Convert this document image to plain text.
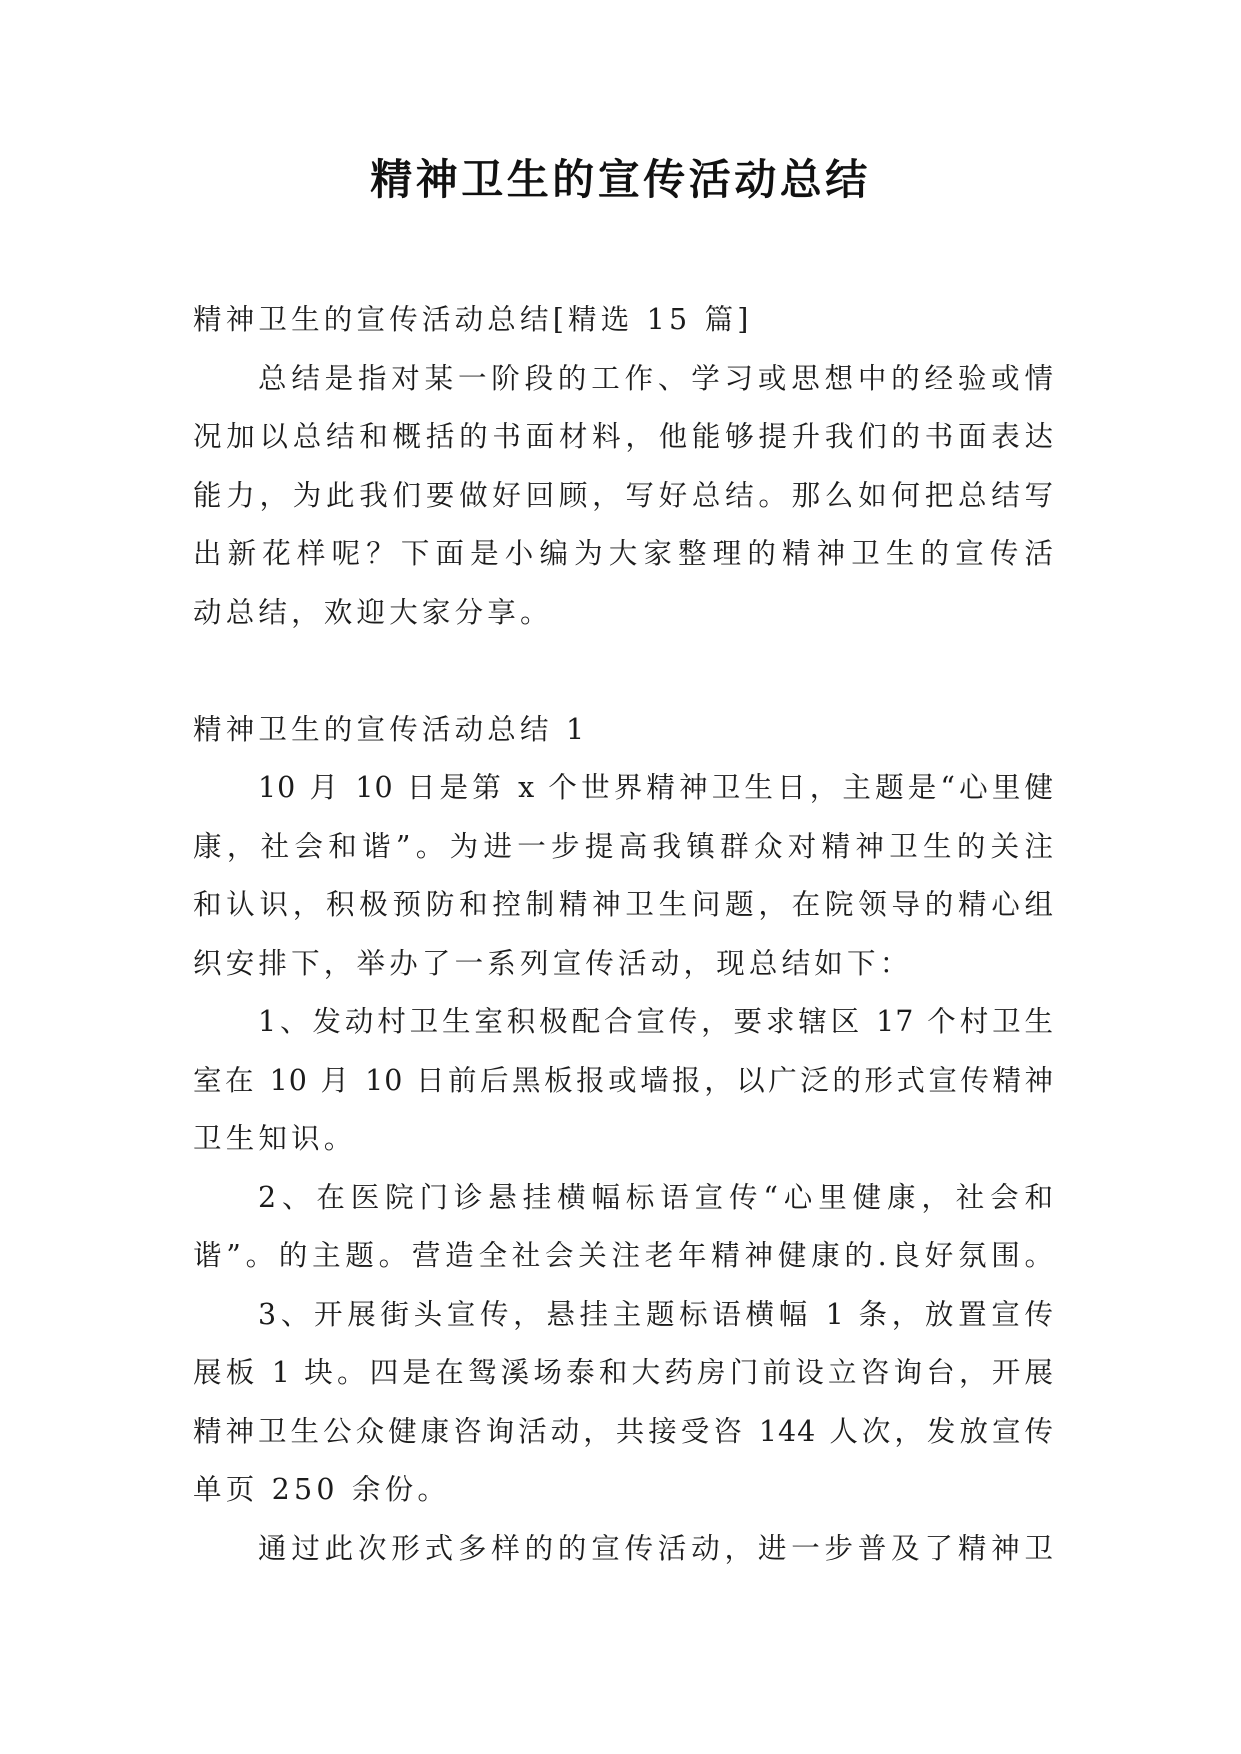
精神卫生的宣传活动总结
精神卫生的宣传活动总结[精选 15 篇]
总结是指对某一阶段的工作、学习或思想中的经验或情
况加以总结和概括的书面材料，他能够提升我们的书面表达
能力，为此我们要做好回顾，写好总结。那么如何把总结写
出新花样呢？下面是小编为大家整理的精神卫生的宣传活
动总结，欢迎大家分享。
精神卫生的宣传活动总结 1
10 月 10 日是第 x 个世界精神卫生日，主题是“心里健
康，社会和谐”。为进一步提高我镇群众对精神卫生的关注
和认识，积极预防和控制精神卫生问题，在院领导的精心组
织安排下，举办了一系列宣传活动，现总结如下：
1、发动村卫生室积极配合宣传，要求辖区 17 个村卫生
室在 10 月 10 日前后黑板报或墙报，以广泛的形式宣传精神
卫生知识。
2、在医院门诊悬挂横幅标语宣传“心里健康，社会和
谐”。的主题。营造全社会关注老年精神健康的.良好氛围。
3、开展街头宣传，悬挂主题标语横幅 1 条，放置宣传
展板 1 块。四是在鸳溪场泰和大药房门前设立咨询台，开展
精神卫生公众健康咨询活动，共接受咨 144 人次，发放宣传
单页 250 余份。
通过此次形式多样的的宣传活动，进一步普及了精神卫
